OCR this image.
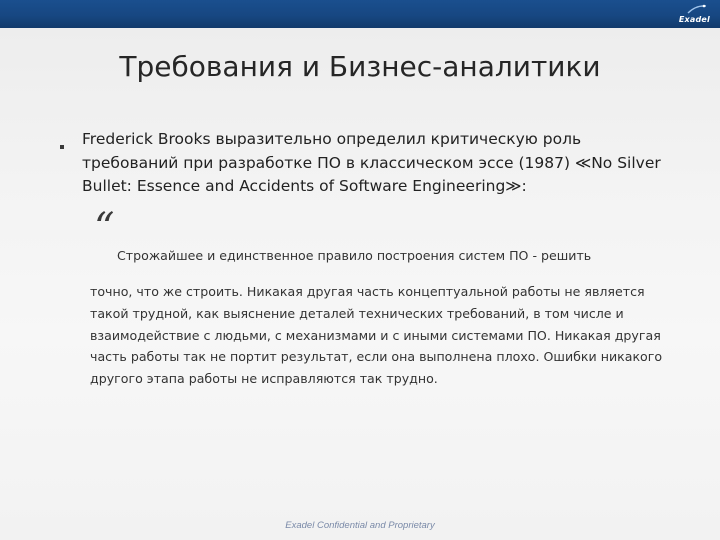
Exadel
Требования и Бизнес-аналитики
Frederick Brooks выразительно определил критическую роль требований при разработке ПО в классическом эссе (1987) ≪No Silver Bullet: Essence and Accidents of Software Engineering≫:
“
Строжайшее и единственное правило построения систем ПО - решить
точно, что же строить. Никакая другая часть концептуальной работы не является такой трудной, как выяснение деталей технических требований, в том числе и взаимодействие с людьми, с механизмами и с иными системами ПО. Никакая другая часть работы так не портит результат, если она выполнена плохо. Ошибки никакого другого этапа работы не исправляются так трудно.
Exadel Confidential and Proprietary
